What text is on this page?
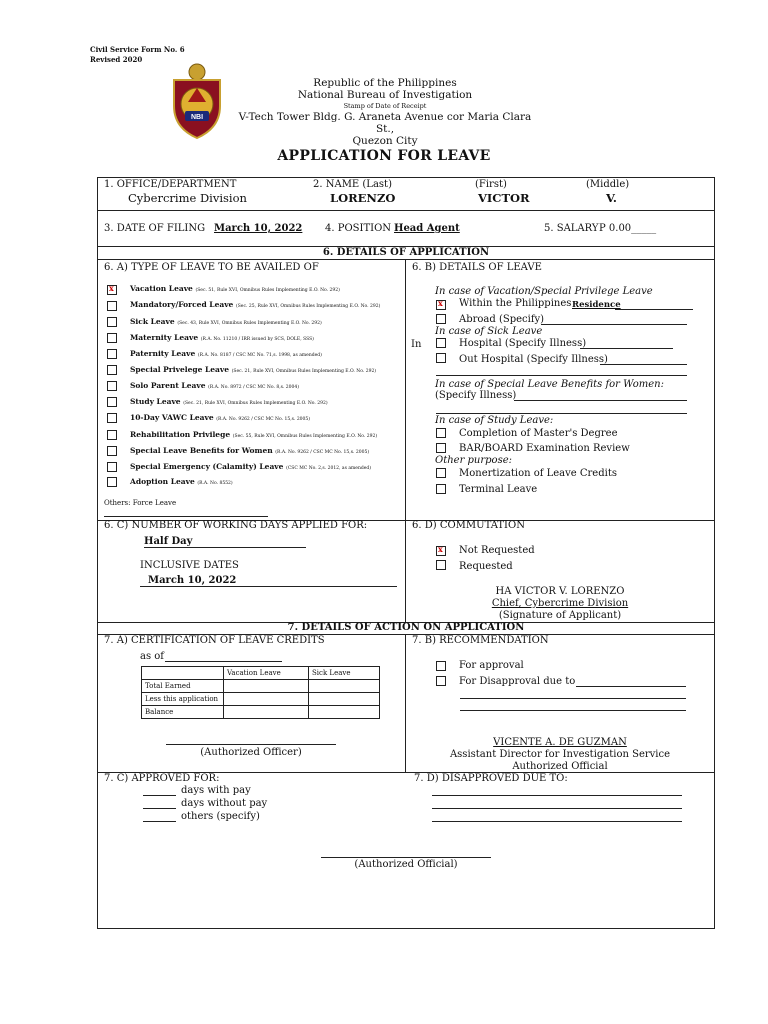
Civil Service Form No. 6
Revised 2020
NBI
Republic of the Philippines
National Bureau of Investigation
Stamp of Date of Receipt
V-Tech Tower Bldg. G. Araneta Avenue cor Maria Clara St.,
Quezon City
APPLICATION FOR LEAVE
1. OFFICE/DEPARTMENT
Cybercrime Division
2. NAME (Last)	(First)	(Middle)
LORENZO	VICTOR	V.
3. DATE OF FILING March 10, 2022 4. POSITION Head Agent	5. SALARY P 0.00_____
6. DETAILS OF APPLICATION
6. A) TYPE OF LEAVE TO BE AVAILED OF
x
Vacation Leave (Sec. 51, Rule XVI, Omnibus Rules Implementing E.O. No. 292)
Mandatory/Forced Leave (Sec. 25, Rule XVI, Omnibus Rules Implementing E.O. No. 292)
Sick Leave (Sec. 43, Rule XVI, Omnibus Rules Implementing E.O. No. 292)
Maternity Leave (R.A. No. 11210 / IRR issued by SCS, DOLE, SSS)
Paternity Leave (R.A. No. 8187 / CSC MC No. 71,s. 1998, as amended)
Special Privelege Leave (Sec. 21, Rule XVI, Omnibus Rules Implementing E.O. No. 292)
Solo Parent Leave (R.A. No. 8972 / CSC MC No. 8,s. 2004)
Study Leave (Sec. 21, Rule XVI, Omnibus Rules Implementing E.O. No. 292)
10-Day VAWC Leave (R.A. No. 9262 / CSC MC No. 15,s. 2005)
Rehabilitation Privilege (Sec. 55, Rule XVI, Omnibus Rules Implementing E.O. No. 292)
Special Leave Benefits for Women (R.A. No. 9262 / CSC MC No. 15,s. 2005)
Special Emergency (Calamity) Leave (CSC MC No. 2,s. 2012, as amended)
Adoption Leave (R.A. No. 8552)
Others: Force Leave
6. B) DETAILS OF LEAVE
In case of Vacation/Special Privilege Leave
x
Within the Philippines Residence
Abroad (Specify)
In case of Sick Leave
In	Hospital (Specify Illness)
Out Hospital (Specify Illness)
In case of Special Leave Benefits for Women:
(Specify Illness)
In case of Study Leave:
Completion of Master's Degree
BAR/BOARD Examination Review
Other purpose:
Monertization of Leave Credits
Terminal Leave
6. C) NUMBER OF WORKING DAYS APPLIED FOR:
Half Day
INCLUSIVE DATES
March 10, 2022
6. D) COMMUTATION
x
Not Requested
Requested
HA VICTOR V. LORENZO
Chief, Cybercrime Division
(Signature of Applicant)
7. DETAILS OF ACTION ON APPLICATION
7. A) CERTIFICATION OF LEAVE CREDITS
as of
	Vacation Leave	Sick Leave
Total Earned		
Less this application		
Balance		
(Authorized Officer)
7. B) RECOMMENDATION
For approval
For Disapproval due to
VICENTE A. DE GUZMAN
Assistant Director for Investigation Service
Authorized Official
7. C) APPROVED FOR:
days with pay
days without pay
others (specify)
7. D) DISAPPROVED DUE TO:
(Authorized Official)
